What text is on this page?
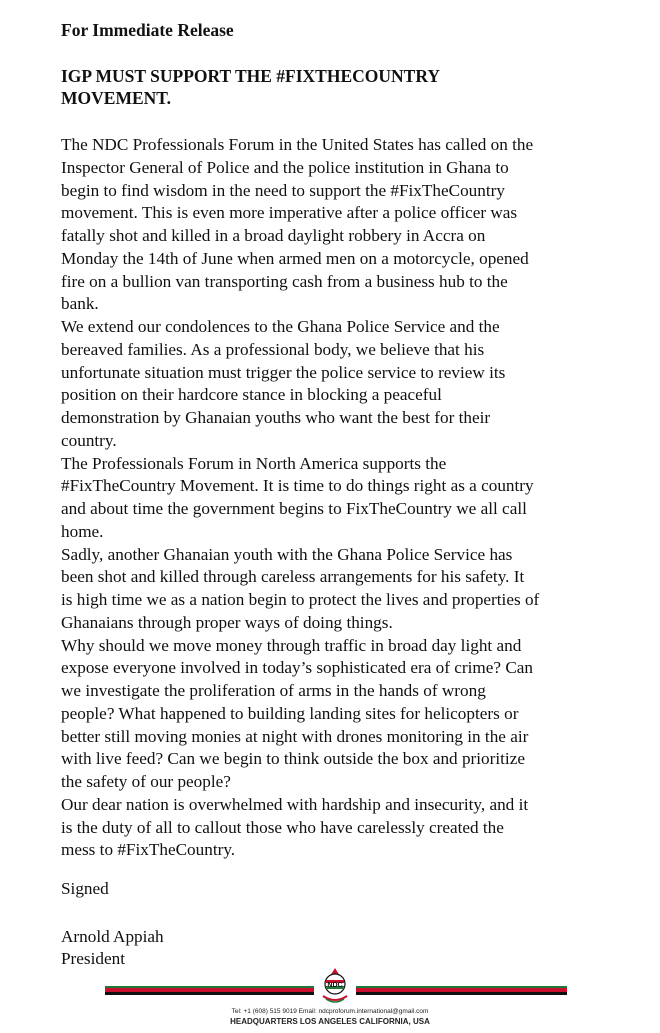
For Immediate Release

IGP MUST SUPPORT THE #FIXTHECOUNTRY
MOVEMENT.

The NDC Professionals Forum in the United States has called on the

Inspector General of Police and the police institution in Ghana to

begin to find wisdom in the need to support the #FixTheCountry

movement. This is even more imperative after a police officer was

fatally shot and killed in a broad daylight robbery in Accra on

Monday the 14th of June when armed men on a motorcycle, opened

fire on a bullion van transporting cash from a business hub to the

bank.

We extend our condolences to the Ghana Police Service and the

bereaved families. As a professional body, we believe that his

unfortunate situation must trigger the police service to review its

position on their hardcore stance in blocking a peaceful

demonstration by Ghanaian youths who want the best for their

country.

The Professionals Forum in North America supports the

#FixTheCountry Movement. It is time to do things right as a country

and about time the government begins to FixTheCountry we all call

home.

Sadly, another Ghanaian youth with the Ghana Police Service has

been shot and killed through careless arrangements for his safety. It

is high time we as a nation begin to protect the lives and properties of

Ghanaians through proper ways of doing things.

Why should we move money through traffic in broad day light and

expose everyone involved in today’s sophisticated era of crime? Can

we investigate the proliferation of arms in the hands of wrong

people? What happened to building landing sites for helicopters or

better still moving monies at night with drones monitoring in the air

with live feed? Can we begin to think outside the box and prioritize

the safety of our people?

Our dear nation is overwhelmed with hardship and insecurity, and it

is the duty of all to callout those who have carelessly created the

mess to #FixTheCountry.

Signed

Arnold Appiah
President
NDC

Tel: +1 (608) 515 9019 Email: ndcproforum.international@gmail.com

HEADQUARTERS LOS ANGELES CALIFORNIA, USA
